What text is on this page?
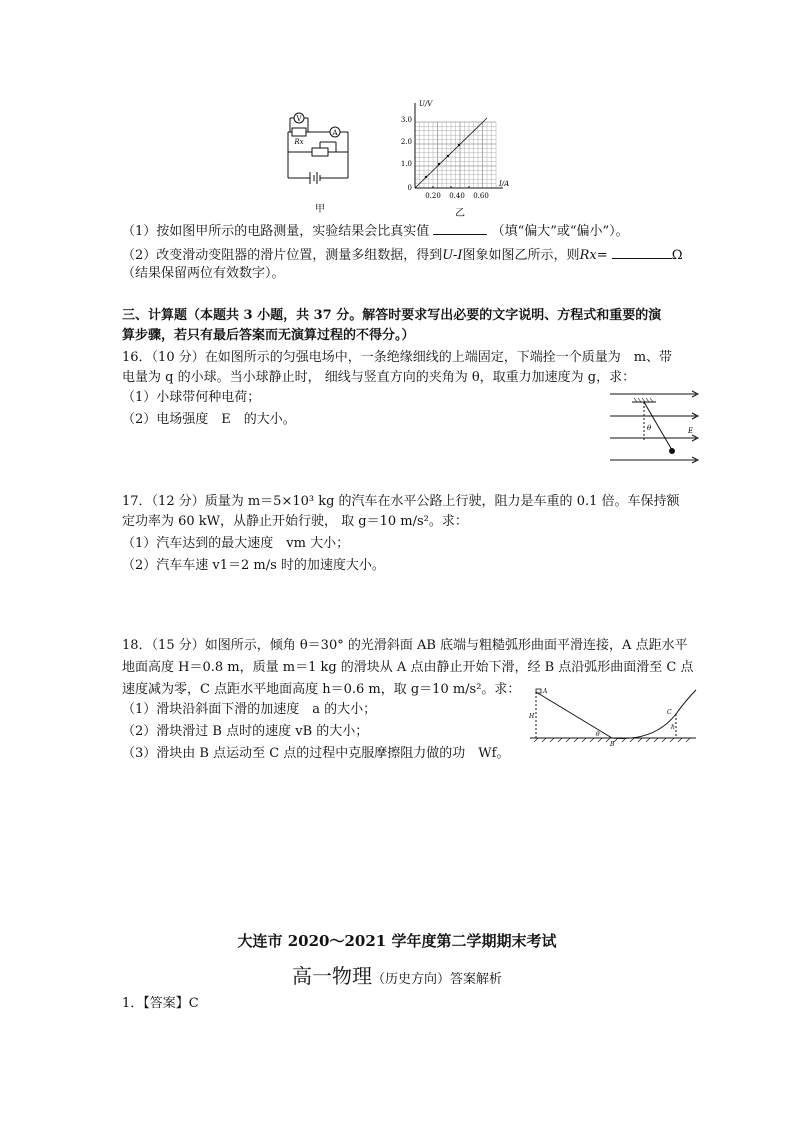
V
A
Rx
甲
U/V
I/A
3.0
2.0
1.0
0
0.20 0.40 0.60
乙
（1）按如图甲所示的电路测量，实验结果会比真实值	（填“偏大”或“偏小”）。
（2）改变滑动变阻器的滑片位置，测量多组数据，得到U-I图象如图乙所示，则Rx=	Ω
（结果保留两位有效数字）。
三、计算题（本题共 3 小题，共 37 分。解答时要求写出必要的文字说明、方程式和重要的演
算步骤，若只有最后答案而无演算过程的不得分。）
16．（10 分）在如图所示的匀强电场中，一条绝缘细线的上端固定，下端拴一个质量为　m、带
电量为 q 的小球。当小球静止时， 细线与竖直方向的夹角为 θ，取重力加速度为 g，求：
（1）小球带何种电荷；
（2）电场强度　E　的大小。
θ	E
17．（12 分）质量为 m＝5×10³ kg 的汽车在水平公路上行驶，阻力是车重的 0.1 倍。车保持额
定功率为 60 kW，从静止开始行驶， 取 g＝10 m/s²。求：
（1）汽车达到的最大速度　vm 大小；
（2）汽车车速 v1＝2 m/s 时的加速度大小。
18．（15 分）如图所示，倾角 θ＝30° 的光滑斜面 AB 底端与粗糙弧形曲面平滑连接，A 点距水平
地面高度 H＝0.8 m，质量 m＝1 kg 的滑块从 A 点由静止开始下滑，经 B 点沿弧形曲面滑至 C 点
速度减为零，C 点距水平地面高度 h＝0.6 m，取 g＝10 m/s²。求：
（1）滑块沿斜面下滑的加速度　a 的大小；
（2）滑块滑过 B 点时的速度 vB 的大小；
（3）滑块由 B 点运动至 C 点的过程中克服摩擦阻力做的功　Wf。
A
B
C
H
h
θ
大连市 2020～2021 学年度第二学期期末考试
高一物理（历史方向）答案解析
1．【答案】C
